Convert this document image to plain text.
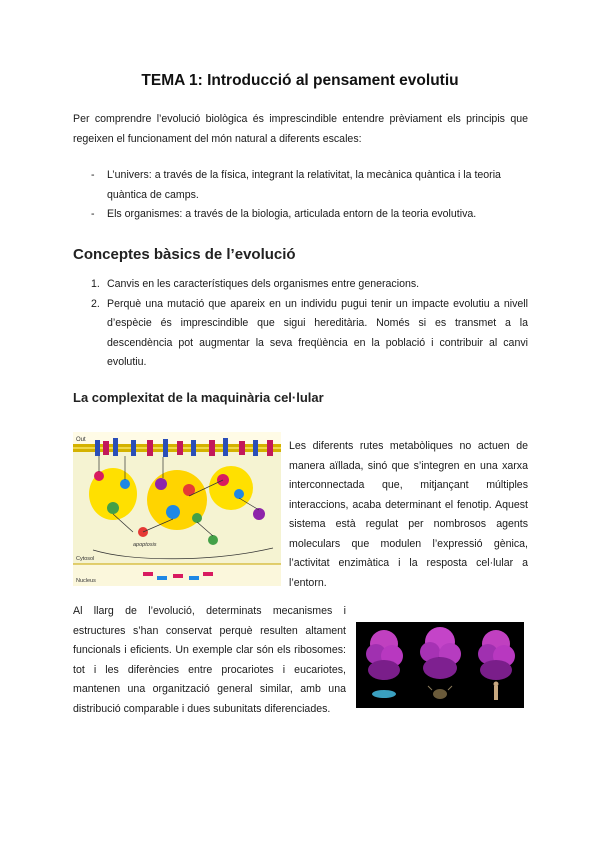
TEMA 1: Introducció al pensament evolutiu

Per comprendre l’evolució biològica és imprescindible entendre prèviament els principis que regeixen el funcionament del món natural a diferents escales:

- L’univers: a través de la física, integrant la relativitat, la mecànica quàntica i la teoria quàntica de camps.
- Els organismes: a través de la biologia, articulada entorn de la teoria evolutiva.
Conceptes bàsics de l’evolució
1. Canvis en les característiques dels organismes entre generacions.
2. Perquè una mutació que apareix en un individu pugui tenir un impacte evolutiu a nivell d’espècie és imprescindible que sigui hereditària. Només si es transmet a la descendència pot augmentar la seva freqüència en la població i contribuir al canvi evolutiu.
La complexitat de la maquinària cel·lular
Out
apoptosis
Cytosol
Nucleus

Les diferents rutes metabòliques no actuen de manera aïllada, sinó que s’integren en una xarxa interconnectada que, mitjançant múltiples interaccions, acaba determinant el fenotip. Aquest sistema està regulat per nombrosos agents moleculars que modulen l’expressió gènica, l’activitat enzimàtica i la resposta cel·lular a l’entorn.

Al llarg de l’evolució, determinats mecanismes i estructures s’han conservat perquè resulten altament funcionals i eficients. Un exemple clar són els ribosomes: tot i les diferències entre procariotes i eucariotes, mantenen una organització general similar, amb una distribució comparable i dues subunitats diferenciades.
